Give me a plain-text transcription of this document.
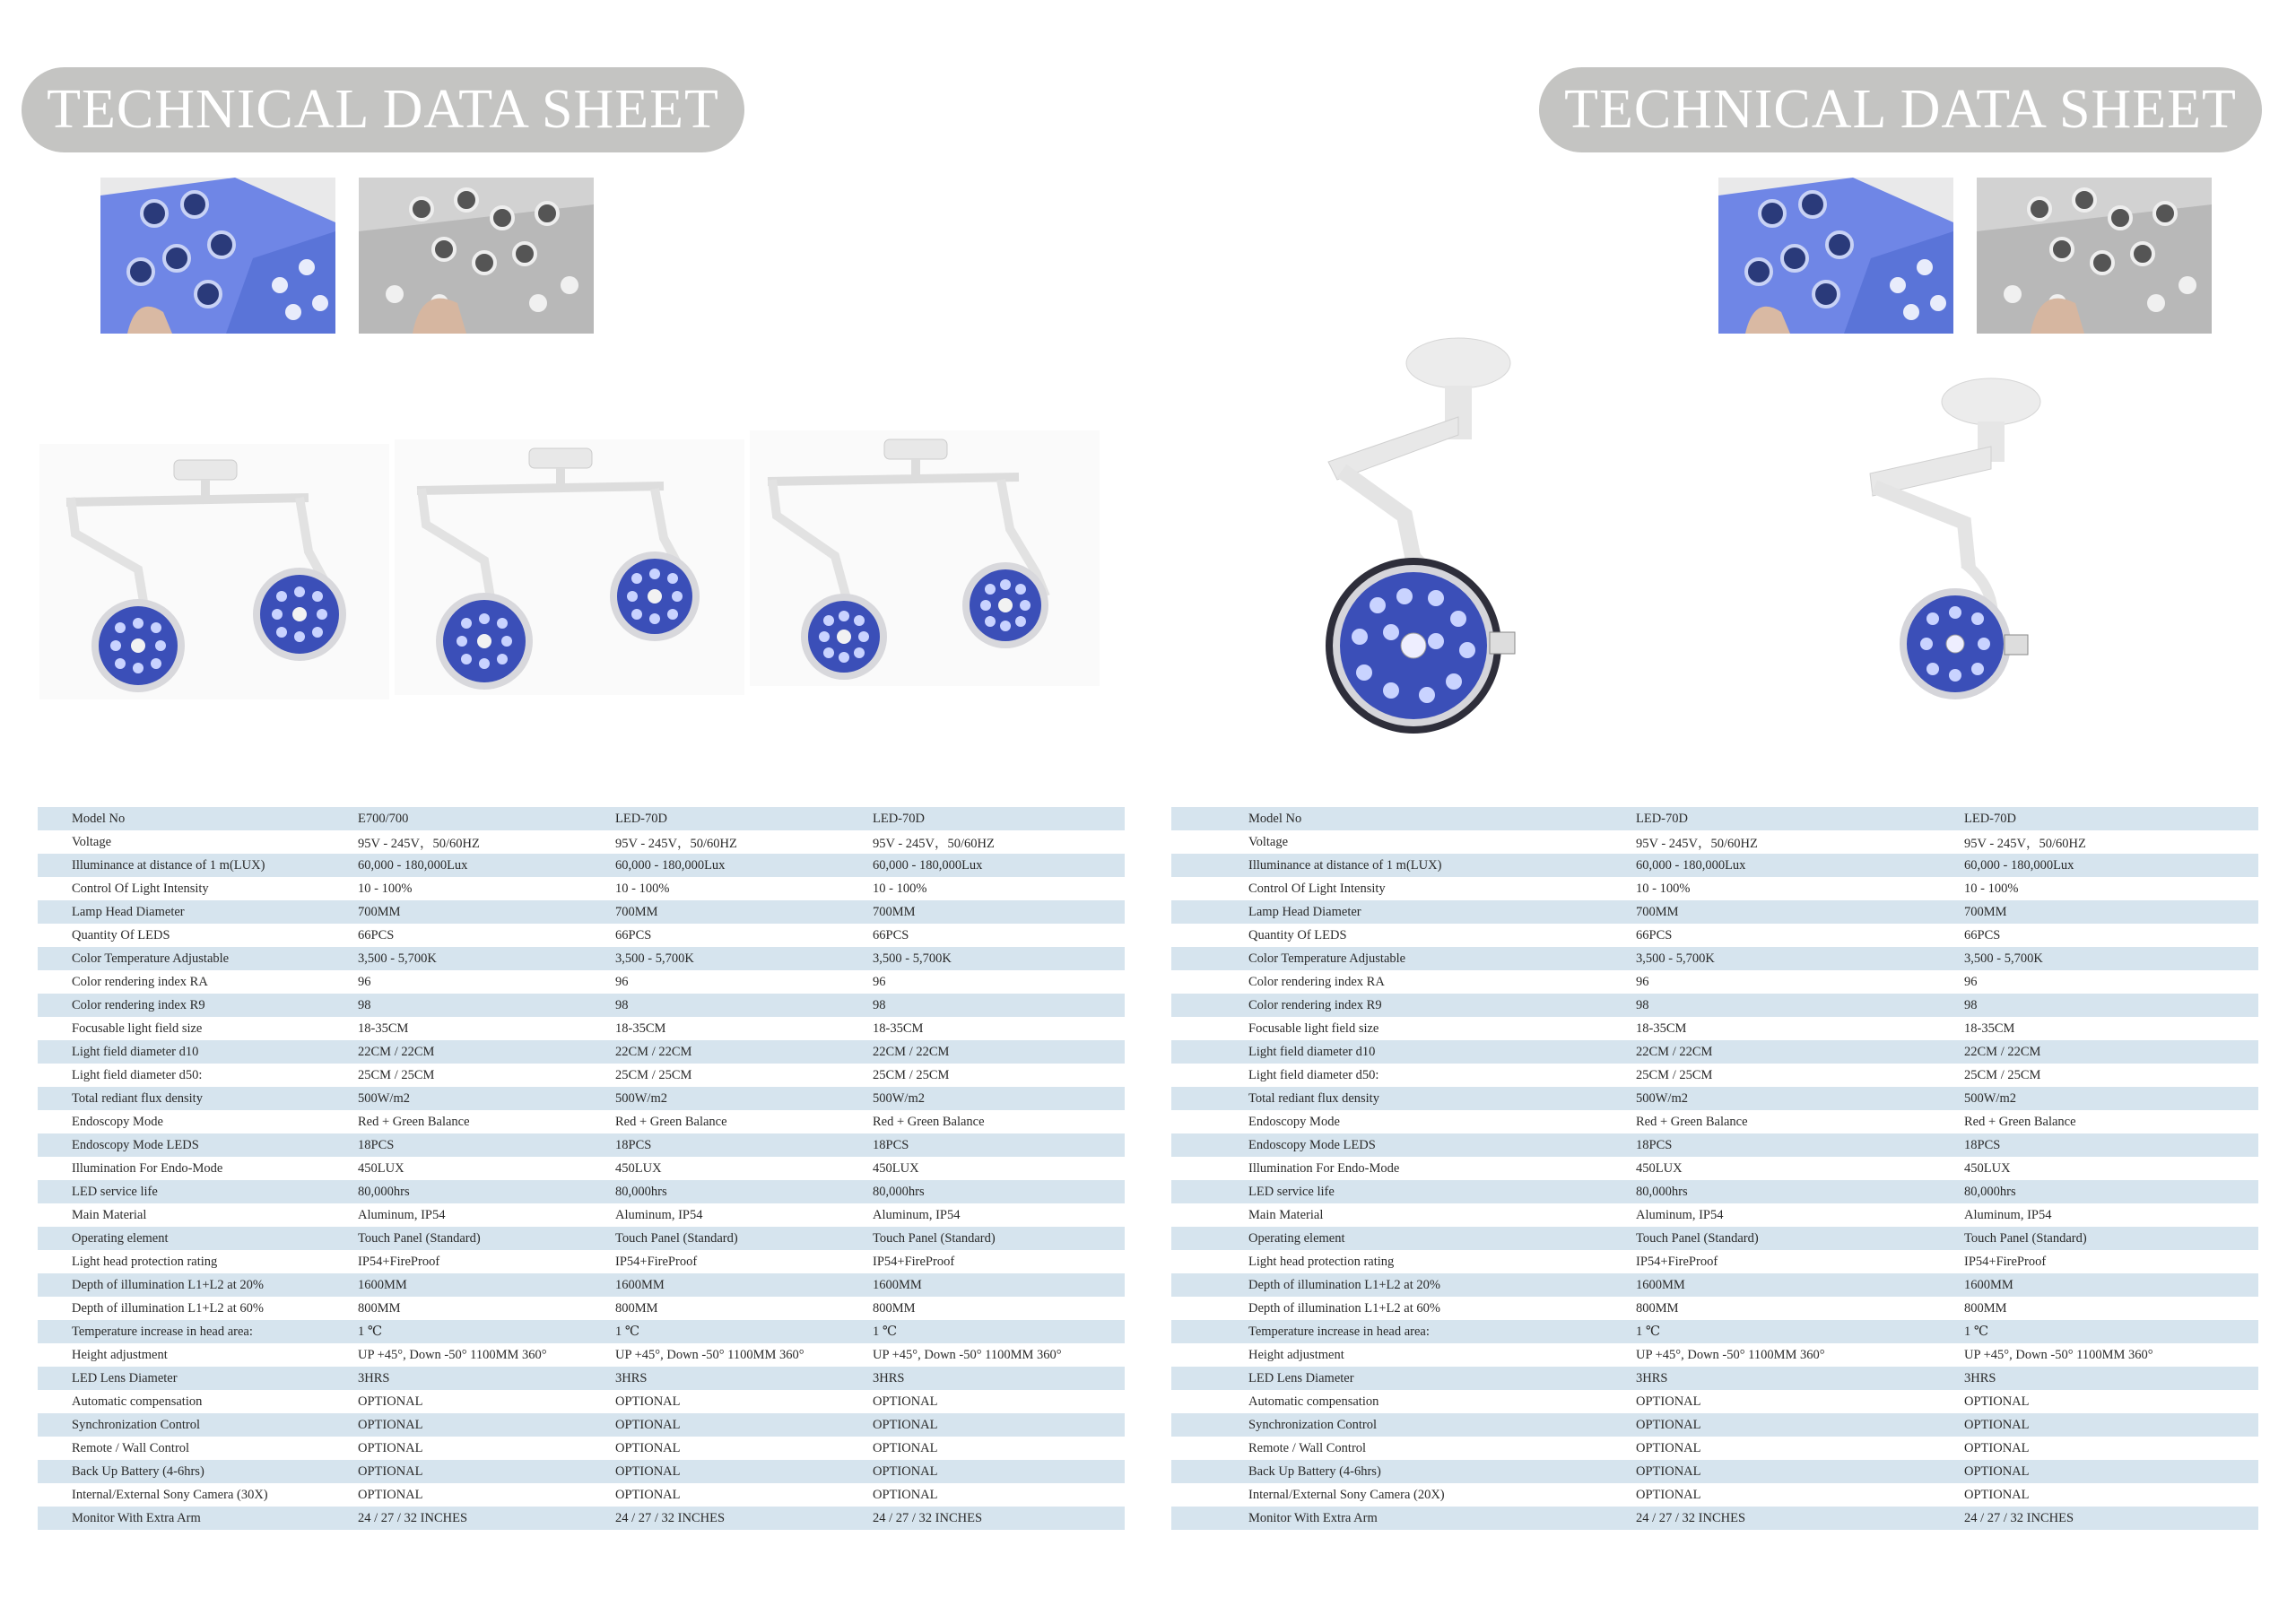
TECHNICAL DATA SHEET	TECHNICAL DATA SHEET
Model No	E700/700	LED-70D	LED-70D
Voltage	95V - 245V，50/60HZ	95V - 245V，50/60HZ	95V - 245V，50/60HZ
Illuminance at distance of 1 m(LUX)	60,000 - 180,000Lux	60,000 - 180,000Lux	60,000 - 180,000Lux
Control Of Light Intensity	10 - 100%	10 - 100%	10 - 100%
Lamp Head Diameter	700MM	700MM	700MM
Quantity Of LEDS	66PCS	66PCS	66PCS
Color Temperature Adjustable	3,500 - 5,700K	3,500 - 5,700K	3,500 - 5,700K
Color rendering index RA	96	96	96
Color rendering index R9	98	98	98
Focusable light field size	18-35CM	18-35CM	18-35CM
Light field diameter d10	22CM / 22CM	22CM / 22CM	22CM / 22CM
Light field diameter d50:	25CM / 25CM	25CM / 25CM	25CM / 25CM
Total rediant flux density	500W/m2	500W/m2	500W/m2
Endoscopy Mode	Red + Green Balance	Red + Green Balance	Red + Green Balance
Endoscopy Mode LEDS	18PCS	18PCS	18PCS
Illumination For Endo-Mode	450LUX	450LUX	450LUX
LED service life	80,000hrs	80,000hrs	80,000hrs
Main Material	Aluminum, IP54	Aluminum, IP54	Aluminum, IP54
Operating element	Touch Panel (Standard)	Touch Panel (Standard)	Touch Panel (Standard)
Light head protection rating	IP54+FireProof	IP54+FireProof	IP54+FireProof
Depth of illumination L1+L2 at 20%	1600MM	1600MM	1600MM
Depth of illumination L1+L2 at 60%	800MM	800MM	800MM
Temperature increase in head area:	1 ℃	1 ℃	1 ℃
Height adjustment	UP +45°, Down -50° 1100MM 360°	UP +45°, Down -50° 1100MM 360°	UP +45°, Down -50° 1100MM 360°
LED Lens Diameter	3HRS	3HRS	3HRS
Automatic compensation	OPTIONAL	OPTIONAL	OPTIONAL
Synchronization Control	OPTIONAL	OPTIONAL	OPTIONAL
Remote / Wall Control	OPTIONAL	OPTIONAL	OPTIONAL
Back Up Battery (4-6hrs)	OPTIONAL	OPTIONAL	OPTIONAL
Internal/External Sony Camera (30X)	OPTIONAL	OPTIONAL	OPTIONAL
Monitor With Extra Arm	24 / 27 / 32 INCHES	24 / 27 / 32 INCHES	24 / 27 / 32 INCHES
Model No	LED-70D	LED-70D
Voltage	95V - 245V，50/60HZ	95V - 245V，50/60HZ
Illuminance at distance of 1 m(LUX)	60,000 - 180,000Lux	60,000 - 180,000Lux
Control Of Light Intensity	10 - 100%	10 - 100%
Lamp Head Diameter	700MM	700MM
Quantity Of LEDS	66PCS	66PCS
Color Temperature Adjustable	3,500 - 5,700K	3,500 - 5,700K
Color rendering index RA	96	96
Color rendering index R9	98	98
Focusable light field size	18-35CM	18-35CM
Light field diameter d10	22CM / 22CM	22CM / 22CM
Light field diameter d50:	25CM / 25CM	25CM / 25CM
Total rediant flux density	500W/m2	500W/m2
Endoscopy Mode	Red + Green Balance	Red + Green Balance
Endoscopy Mode LEDS	18PCS	18PCS
Illumination For Endo-Mode	450LUX	450LUX
LED service life	80,000hrs	80,000hrs
Main Material	Aluminum, IP54	Aluminum, IP54
Operating element	Touch Panel (Standard)	Touch Panel (Standard)
Light head protection rating	IP54+FireProof	IP54+FireProof
Depth of illumination L1+L2 at 20%	1600MM	1600MM
Depth of illumination L1+L2 at 60%	800MM	800MM
Temperature increase in head area:	1 ℃	1 ℃
Height adjustment	UP +45°, Down -50° 1100MM 360°	UP +45°, Down -50° 1100MM 360°
LED Lens Diameter	3HRS	3HRS
Automatic compensation	OPTIONAL	OPTIONAL
Synchronization Control	OPTIONAL	OPTIONAL
Remote / Wall Control	OPTIONAL	OPTIONAL
Back Up Battery (4-6hrs)	OPTIONAL	OPTIONAL
Internal/External Sony Camera (20X)	OPTIONAL	OPTIONAL
Monitor With Extra Arm	24 / 27 / 32 INCHES	24 / 27 / 32 INCHES
